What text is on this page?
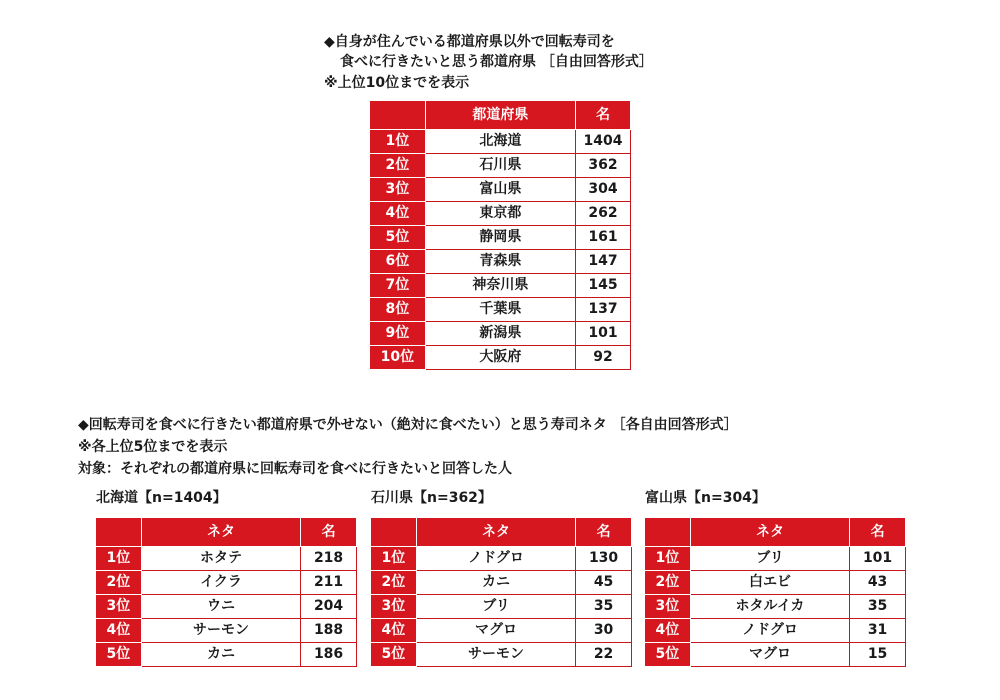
◆自身が住んでいる都道府県以外で回転寿司を
食べに行きたいと思う都道府県 ［自由回答形式］
※上位10位までを表示
	都道府県	名
1位	北海道	1404
2位	石川県	362
3位	富山県	304
4位	東京都	262
5位	静岡県	161
6位	青森県	147
7位	神奈川県	145
8位	千葉県	137
9位	新潟県	101
10位	大阪府	92
◆回転寿司を食べに行きたい都道府県で外せない（絶対に食べたい）と思う寿司ネタ ［各自由回答形式］
※各上位5位までを表示
対象：それぞれの都道府県に回転寿司を食べに行きたいと回答した人
北海道【n=1404】	石川県【n=362】	富山県【n=304】
	ネタ	名
1位	ホタテ	218
2位	イクラ	211
3位	ウニ	204
4位	サーモン	188
5位	カニ	186
	ネタ	名
1位	ノドグロ	130
2位	カニ	45
3位	ブリ	35
4位	マグロ	30
5位	サーモン	22
	ネタ	名
1位	ブリ	101
2位	白エビ	43
3位	ホタルイカ	35
4位	ノドグロ	31
5位	マグロ	15
